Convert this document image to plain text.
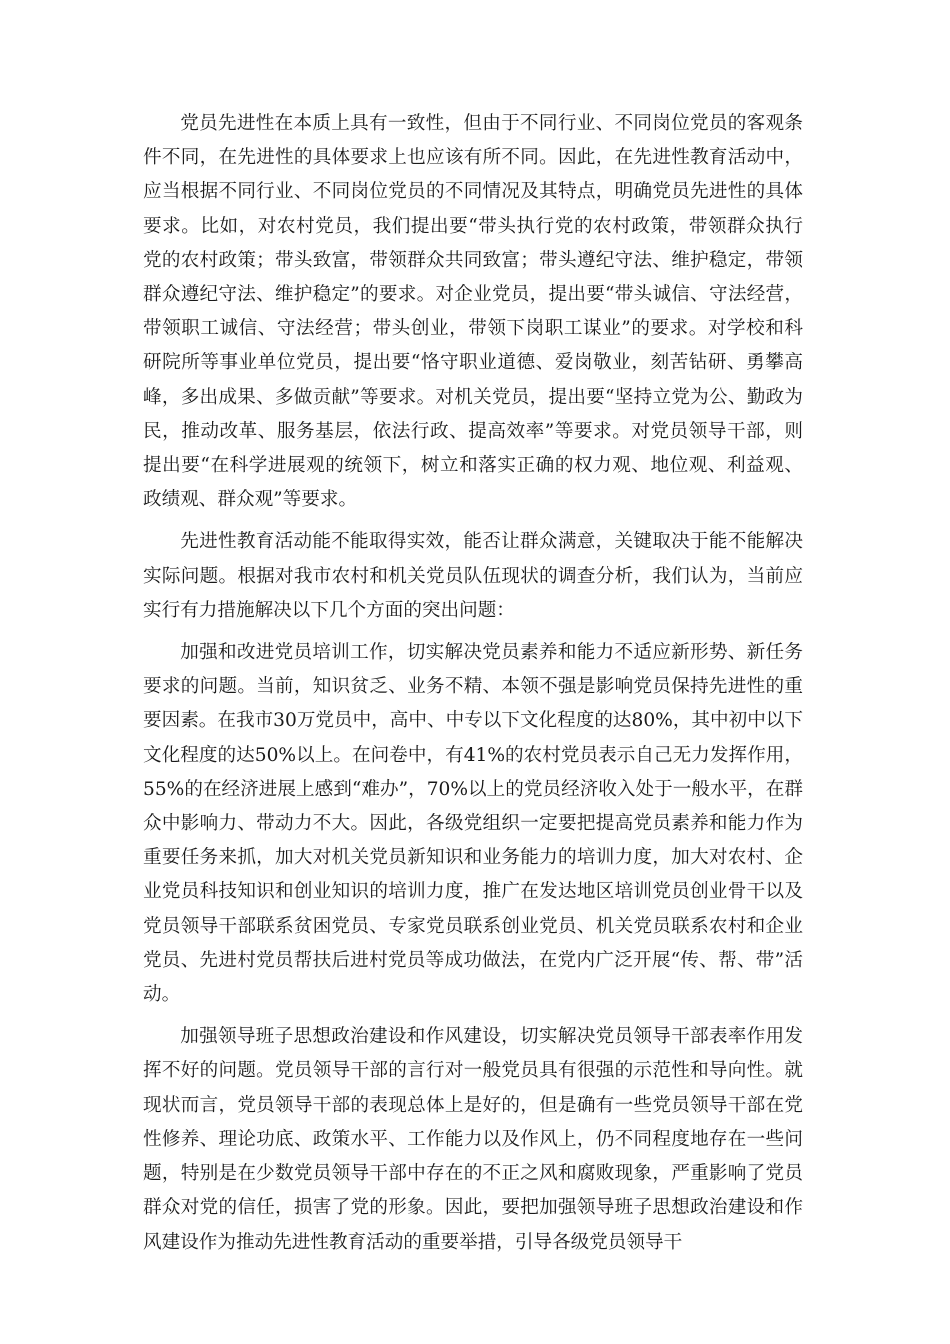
党员先进性在本质上具有一致性，但由于不同行业、不同岗位党员的客观条件不同，在先进性的具体要求上也应该有所不同。因此，在先进性教育活动中，应当根据不同行业、不同岗位党员的不同情况及其特点，明确党员先进性的具体要求。比如，对农村党员，我们提出要“带头执行党的农村政策，带领群众执行党的农村政策；带头致富，带领群众共同致富；带头遵纪守法、维护稳定，带领群众遵纪守法、维护稳定”的要求。对企业党员，提出要“带头诚信、守法经营，带领职工诚信、守法经营；带头创业，带领下岗职工谋业”的要求。对学校和科研院所等事业单位党员，提出要“恪守职业道德、爱岗敬业，刻苦钻研、勇攀高峰，多出成果、多做贡献”等要求。对机关党员，提出要“坚持立党为公、勤政为民，推动改革、服务基层，依法行政、提高效率”等要求。对党员领导干部，则提出要“在科学进展观的统领下，树立和落实正确的权力观、地位观、利益观、政绩观、群众观”等要求。

先进性教育活动能不能取得实效，能否让群众满意，关键取决于能不能解决实际问题。根据对我市农村和机关党员队伍现状的调查分析，我们认为，当前应实行有力措施解决以下几个方面的突出问题：

加强和改进党员培训工作，切实解决党员素养和能力不适应新形势、新任务要求的问题。当前，知识贫乏、业务不精、本领不强是影响党员保持先进性的重要因素。在我市30万党员中，高中、中专以下文化程度的达80%，其中初中以下文化程度的达50%以上。在问卷中，有41%的农村党员表示自己无力发挥作用，55%的在经济进展上感到“难办”，70%以上的党员经济收入处于一般水平，在群众中影响力、带动力不大。因此，各级党组织一定要把提高党员素养和能力作为重要任务来抓，加大对机关党员新知识和业务能力的培训力度，加大对农村、企业党员科技知识和创业知识的培训力度，推广在发达地区培训党员创业骨干以及党员领导干部联系贫困党员、专家党员联系创业党员、机关党员联系农村和企业党员、先进村党员帮扶后进村党员等成功做法，在党内广泛开展“传、帮、带”活动。

加强领导班子思想政治建设和作风建设，切实解决党员领导干部表率作用发挥不好的问题。党员领导干部的言行对一般党员具有很强的示范性和导向性。就现状而言，党员领导干部的表现总体上是好的，但是确有一些党员领导干部在党性修养、理论功底、政策水平、工作能力以及作风上，仍不同程度地存在一些问题，特别是在少数党员领导干部中存在的不正之风和腐败现象，严重影响了党员群众对党的信任，损害了党的形象。因此，要把加强领导班子思想政治建设和作风建设作为推动先进性教育活动的重要举措，引导各级党员领导干
